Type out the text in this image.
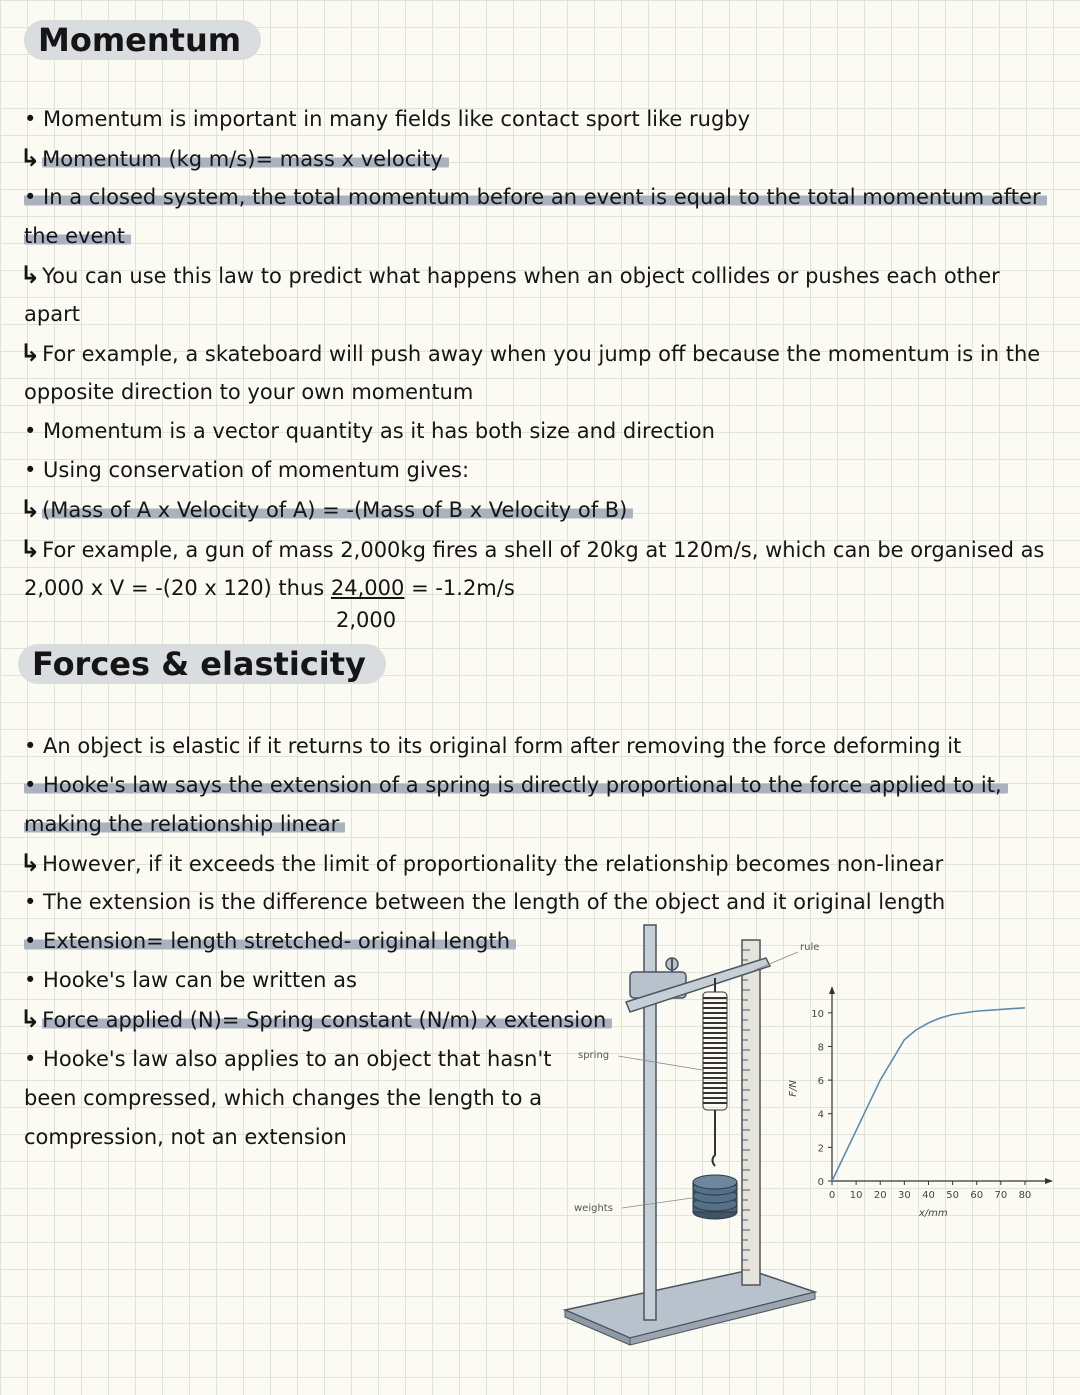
Momentum
• Momentum is important in many fields like contact sport like rugby
↳Momentum (kg m/s)= mass x velocity
• In a closed system, the total momentum before an event is equal to the total momentum after
the event
↳You can use this law to predict what happens when an object collides or pushes each other
apart
↳For example, a skateboard will push away when you jump off because the momentum is in the
opposite direction to your own momentum
• Momentum is a vector quantity as it has both size and direction
• Using conservation of momentum gives:
↳(Mass of A x Velocity of A) = -(Mass of B x Velocity of B)
↳For example, a gun of mass 2,000kg fires a shell of 20kg at 120m/s, which can be organised as
2,000 x V = -(20 x 120) thus 24,000 = -1.2m/s
2,000
Forces & elasticity
• An object is elastic if it returns to its original form after removing the force deforming it
• Hooke's law says the extension of a spring is directly proportional to the force applied to it,
making the relationship linear
↳However, if it exceeds the limit of proportionality the relationship becomes non-linear
• The extension is the difference between the length of the object and it original length
• Extension= length stretched- original length
• Hooke's law can be written as
↳Force applied (N)= Spring constant (N/m) x extension
• Hooke's law also applies to an object that hasn't
been compressed, which changes the length to a
compression, not an extension
rule
spring
weights
0 10 20 30 40 50 60 70 80
0
2
4
6
8
10
x/mm
F/N
